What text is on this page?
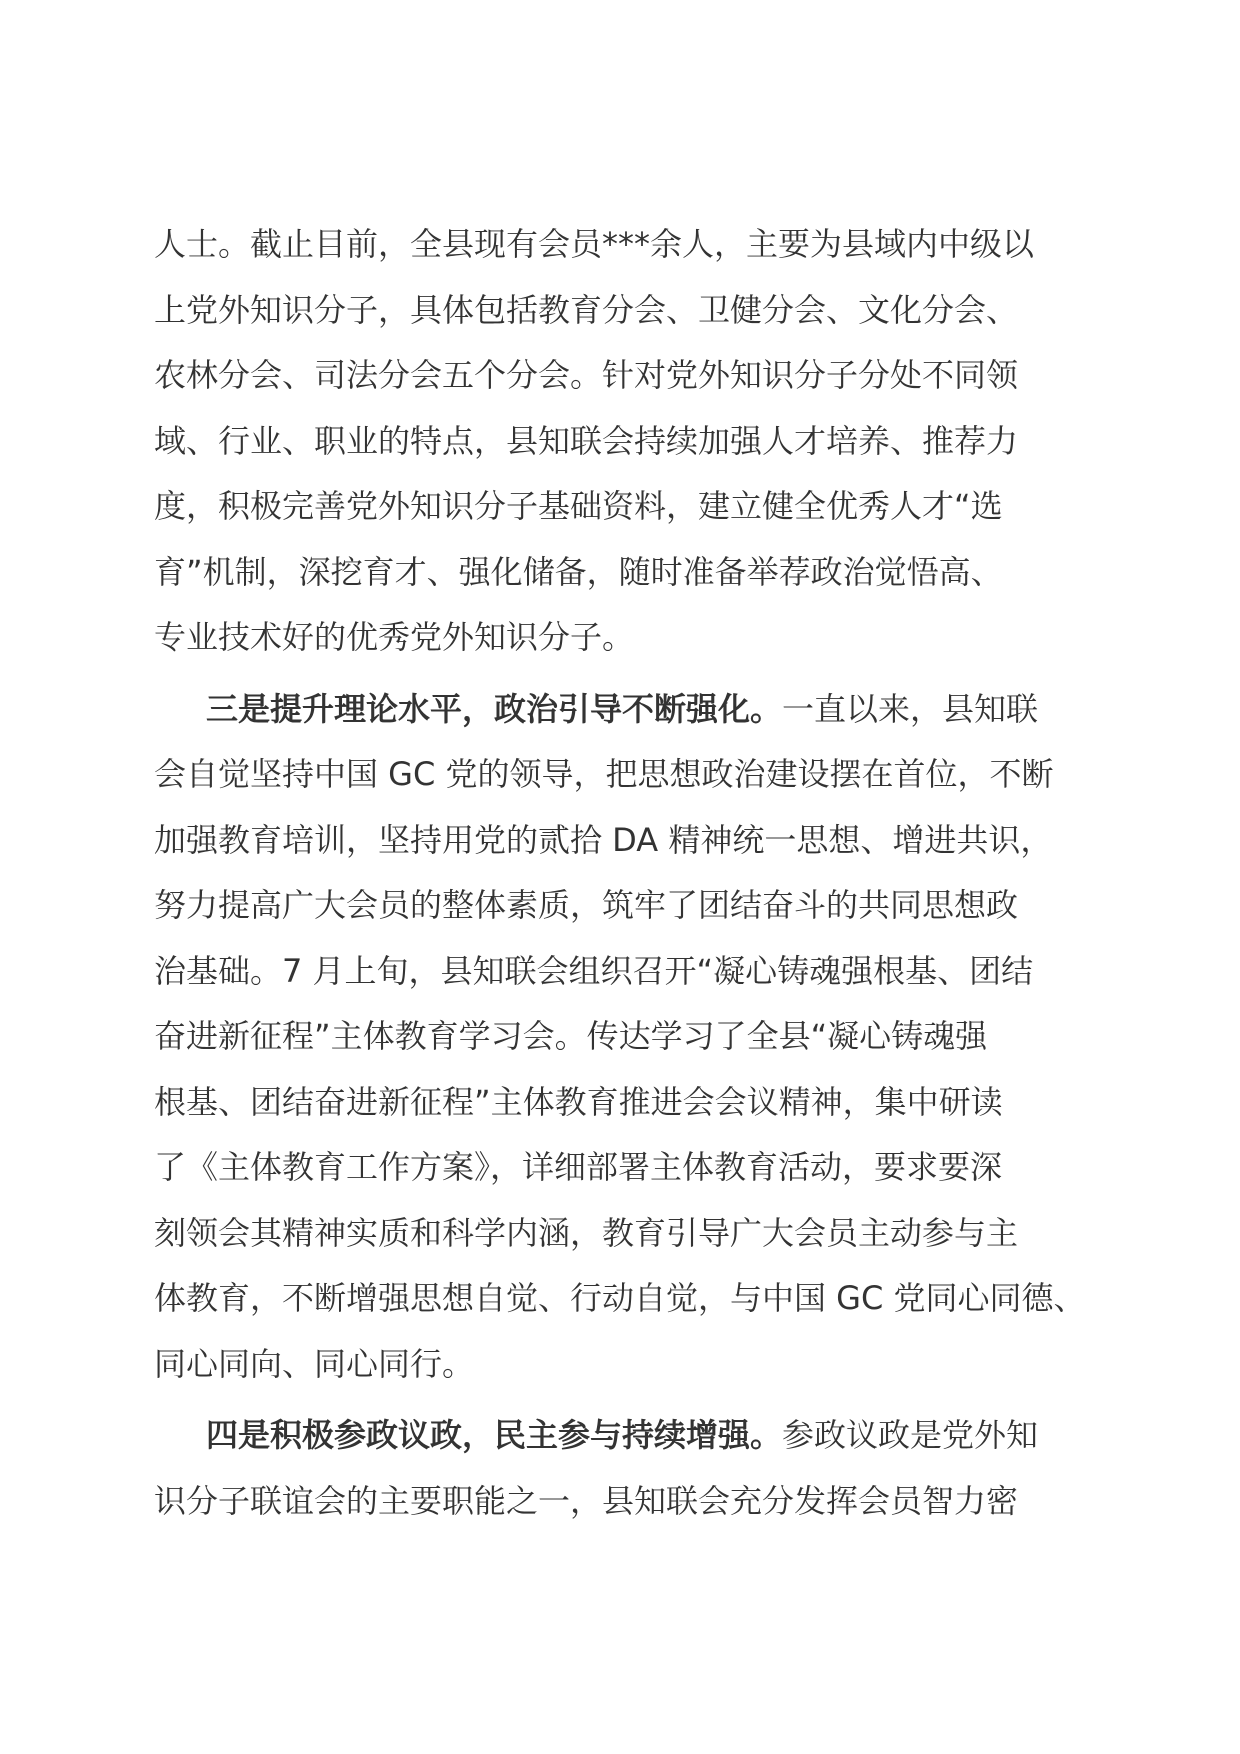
人士。截止目前，全县现有会员***余人，主要为县域内中级以
上党外知识分子，具体包括教育分会、卫健分会、文化分会、
农林分会、司法分会五个分会。针对党外知识分子分处不同领
域、行业、职业的特点，县知联会持续加强人才培养、推荐力
度，积极完善党外知识分子基础资料，建立健全优秀人才“选
育”机制，深挖育才、强化储备，随时准备举荐政治觉悟高、
专业技术好的优秀党外知识分子。

三是提升理论水平，政治引导不断强化。一直以来，县知联
会自觉坚持中国 GC 党的领导，把思想政治建设摆在首位，不断
加强教育培训，坚持用党的贰拾 DA 精神统一思想、增进共识，
努力提高广大会员的整体素质，筑牢了团结奋斗的共同思想政
治基础。7 月上旬，县知联会组织召开“凝心铸魂强根基、团结
奋进新征程”主体教育学习会。传达学习了全县“凝心铸魂强
根基、团结奋进新征程”主体教育推进会会议精神，集中研读
了《主体教育工作方案》，详细部署主体教育活动，要求要深
刻领会其精神实质和科学内涵，教育引导广大会员主动参与主
体教育，不断增强思想自觉、行动自觉，与中国 GC 党同心同德、
同心同向、同心同行。

四是积极参政议政，民主参与持续增强。参政议政是党外知
识分子联谊会的主要职能之一，县知联会充分发挥会员智力密
